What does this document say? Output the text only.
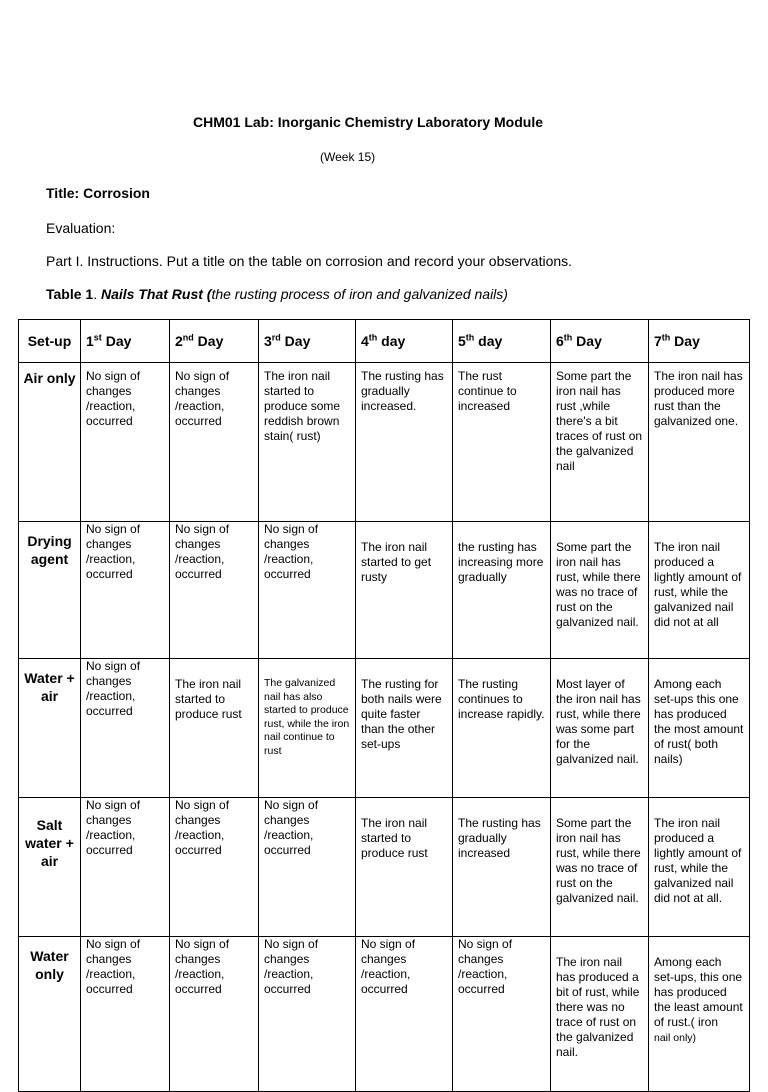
CHM01 Lab: Inorganic Chemistry Laboratory Module
(Week 15)
Title: Corrosion
Evaluation:
Part I. Instructions. Put a title on the table on corrosion and record your observations.
Table 1. Nails That Rust (the rusting process of iron and galvanized nails)
Set-up	1st Day	2nd Day	3rd Day	4th day	5th day	6th Day	7th Day
Air only	No sign of changes /reaction, occurred	No sign of changes /reaction, occurred	The iron nail started to produce some reddish brown stain( rust)	The rusting has gradually increased.	The rust continue to increased	Some part the iron nail has rust ,while there's a bit traces of rust on the galvanized nail	The iron nail has produced more rust than the galvanized one.
Drying agent	No sign of changes /reaction, occurred	No sign of changes /reaction, occurred	No sign of changes /reaction, occurred	The iron nail started to get rusty	the rusting has increasing more gradually	Some part the iron nail has rust, while there was no trace of rust on the galvanized nail.	The iron nail produced a lightly amount of rust, while the galvanized nail did not at all
Water + air	No sign of changes /reaction, occurred	The iron nail started to produce rust	The galvanized nail has also started to produce rust, while the iron nail continue to rust	The rusting for both nails were quite faster than the other set-ups	The rusting continues to increase rapidly.	Most layer of the iron nail has rust, while there was some part for the galvanized nail.	Among each set-ups this one has produced the most amount of rust( both nails)
Salt water + air	No sign of changes /reaction, occurred	No sign of changes /reaction, occurred	No sign of changes /reaction, occurred	The iron nail started to produce rust	The rusting has gradually increased	Some part the iron nail has rust, while there was no trace of rust on the galvanized nail.	The iron nail produced a lightly amount of rust, while the galvanized nail did not at all.
Water only	No sign of changes /reaction, occurred	No sign of changes /reaction, occurred	No sign of changes /reaction, occurred	No sign of changes /reaction, occurred	No sign of changes /reaction, occurred	The iron nail has produced a bit of rust, while there was no trace of rust on the galvanized nail.	Among each set-ups, this one has produced the least amount of rust.( iron
nail only)
